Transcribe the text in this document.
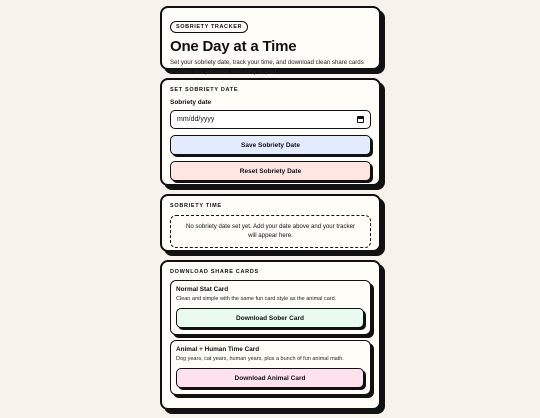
SOBRIETY TRACKER
One Day at a Time
Set your sobriety date, track your time, and download clean share cards that feel fun, personal, and easy to post.
SET SOBRIETY DATE
Sobriety date
mm/dd/yyyy
Save Sobriety Date
Reset Sobriety Date
SOBRIETY TIME
No sobriety date set yet. Add your date above and your tracker will appear here.
DOWNLOAD SHARE CARDS
Normal Stat Card
Clean and simple with the same fun card style as the animal card.
Download Sober Card
Animal + Human Time Card
Dog years, cat years, human years, plus a bunch of fun animal math.
Download Animal Card
